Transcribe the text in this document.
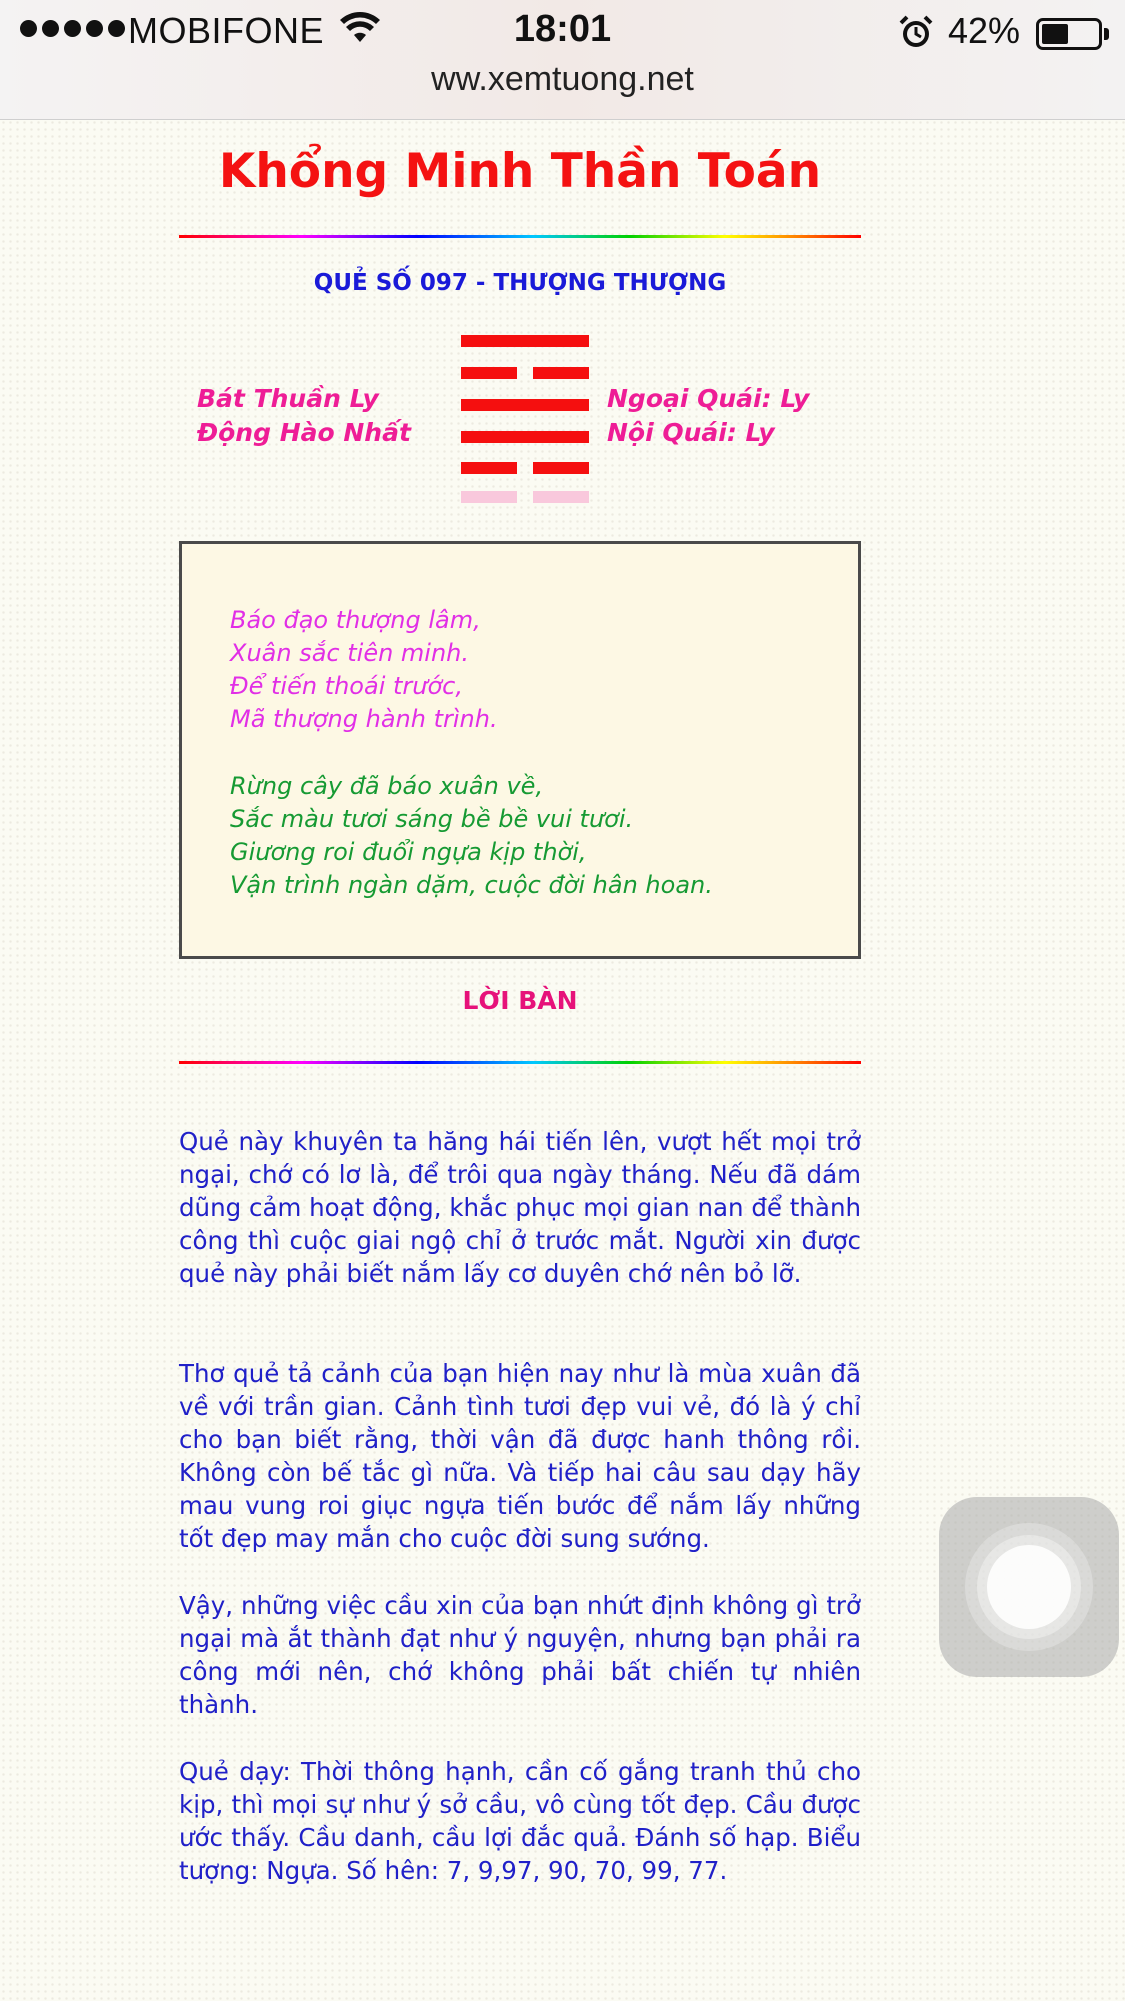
MOBIFONE	18:01	42%
ww.xemtuong.net
Khổng Minh Thần Toán
QUẺ SỐ 097 - THƯỢNG THƯỢNG
Bát Thuần Ly
Động Hào Nhất
Ngoại Quái: Ly
Nội Quái: Ly
Báo đạo thượng lâm,
Xuân sắc tiên minh.
Để tiến thoái trước,
Mã thượng hành trình.
Rừng cây đã báo xuân về,
Sắc màu tươi sáng bề bề vui tươi.
Giương roi đuổi ngựa kịp thời,
Vận trình ngàn dặm, cuộc đời hân hoan.
LỜI BÀN

Quẻ này khuyên ta hăng hái tiến lên, vượt hết mọi trở ngại, chớ có lơ là, để trôi qua ngày tháng. Nếu đã dám dũng cảm hoạt động, khắc phục mọi gian nan để thành công thì cuộc giai ngộ chỉ ở trước mắt. Người xin được quẻ này phải biết nắm lấy cơ duyên chớ nên bỏ lỡ.

Thơ quẻ tả cảnh của bạn hiện nay như là mùa xuân đã về với trần gian. Cảnh tình tươi đẹp vui vẻ, đó là ý chỉ cho bạn biết rằng, thời vận đã được hanh thông rồi. Không còn bế tắc gì nữa. Và tiếp hai câu sau dạy hãy mau vung roi giục ngựa tiến bước để nắm lấy những tốt đẹp may mắn cho cuộc đời sung sướng.

Vậy, những việc cầu xin của bạn nhứt định không gì trở ngại mà ắt thành đạt như ý nguyện, nhưng bạn phải ra công mới nên, chớ không phải bất chiến tự nhiên thành.

Quẻ dạy: Thời thông hạnh, cần cố gắng tranh thủ cho kịp, thì mọi sự như ý sở cầu, vô cùng tốt đẹp. Cầu được ước thấy. Cầu danh, cầu lợi đắc quả. Đánh số hạp. Biểu tượng: Ngựa. Số hên: 7, 9,97, 90, 70, 99, 77.
